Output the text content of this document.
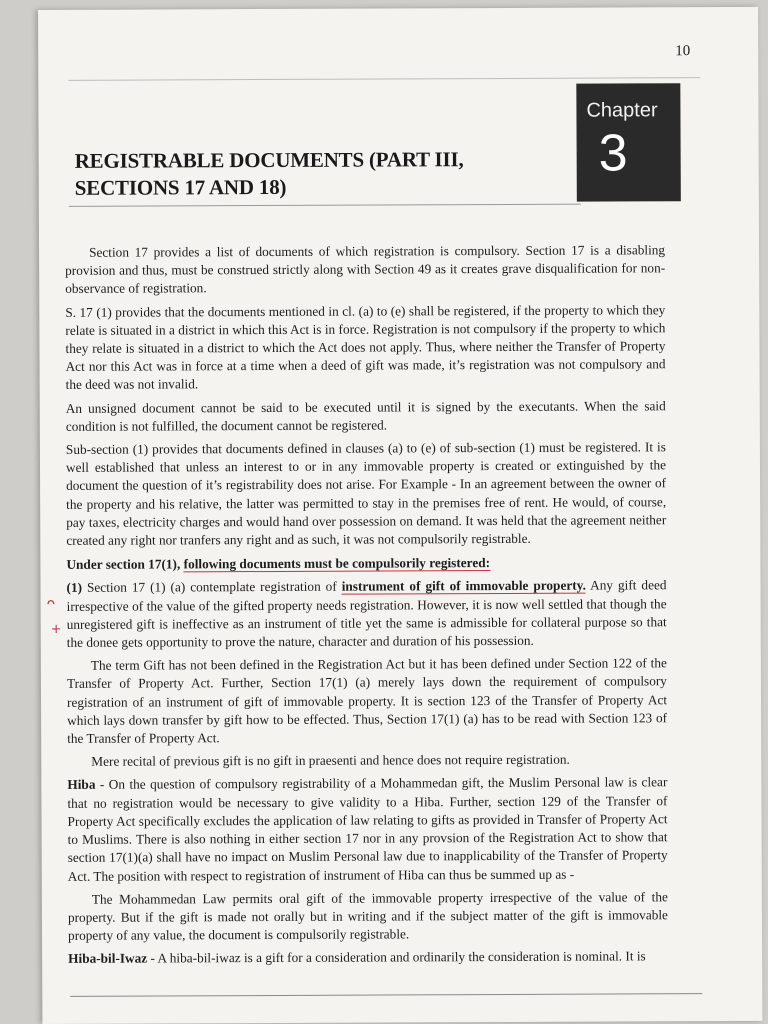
10
Chapter
3
REGISTRABLE DOCUMENTS (PART III,
SECTIONS 17 AND 18)

Section 17 provides a list of documents of which registration is compulsory. Section 17 is a disabling provision and thus, must be construed strictly along with Section 49 as it creates grave disqualification for non-observance of registration.

S. 17 (1) provides that the documents mentioned in cl. (a) to (e) shall be registered, if the property to which they relate is situated in a district in which this Act is in force. Registration is not compulsory if the property to which they relate is situated in a district to which the Act does not apply. Thus, where neither the Transfer of Property Act nor this Act was in force at a time when a deed of gift was made, it’s registration was not compulsory and the deed was not invalid.

An unsigned document cannot be said to be executed until it is signed by the executants. When the said condition is not fulfilled, the document cannot be registered.

Sub-section (1) provides that documents defined in clauses (a) to (e) of sub-section (1) must be registered. It is well established that unless an interest to or in any immovable property is created or extinguished by the document the question of it’s registrability does not arise. For Example - In an agreement between the owner of the property and his relative, the latter was permitted to stay in the premises free of rent. He would, of course, pay taxes, electricity charges and would hand over possession on demand. It was held that the agreement neither created any right nor tranfers any right and as such, it was not compulsorily registrable.

Under section 17(1), following documents must be compulsorily registered:

(1) Section 17 (1) (a) contemplate registration of instrument of gift of immovable property. Any gift deed irrespective of the value of the gifted property needs registration. However, it is now well settled that though the unregistered gift is ineffective as an instrument of title yet the same is admissible for collateral purpose so that the donee gets opportunity to prove the nature, character and duration of his possession.

The term Gift has not been defined in the Registration Act but it has been defined under Section 122 of the Transfer of Property Act. Further, Section 17(1) (a) merely lays down the requirement of compulsory registration of an instrument of gift of immovable property. It is section 123 of the Transfer of Property Act which lays down transfer by gift how to be effected. Thus, Section 17(1) (a) has to be read with Section 123 of the Transfer of Property Act.

Mere recital of previous gift is no gift in praesenti and hence does not require registration.

Hiba - On the question of compulsory registrability of a Mohammedan gift, the Muslim Personal law is clear that no registration would be necessary to give validity to a Hiba. Further, section 129 of the Transfer of Property Act specifically excludes the application of law relating to gifts as provided in Transfer of Property Act to Muslims. There is also nothing in either section 17 nor in any provsion of the Registration Act to show that section 17(1)(a) shall have no impact on Muslim Personal law due to inapplicability of the Transfer of Property Act. The position with respect to registration of instrument of Hiba can thus be summed up as -

The Mohammedan Law permits oral gift of the immovable property irrespective of the value of the property. But if the gift is made not orally but in writing and if the subject matter of the gift is immovable property of any value, the document is compulsorily registrable.

Hiba-bil-Iwaz - A hiba-bil-iwaz is a gift for a consideration and ordinarily the consideration is nominal. It is

ᴖ
+
